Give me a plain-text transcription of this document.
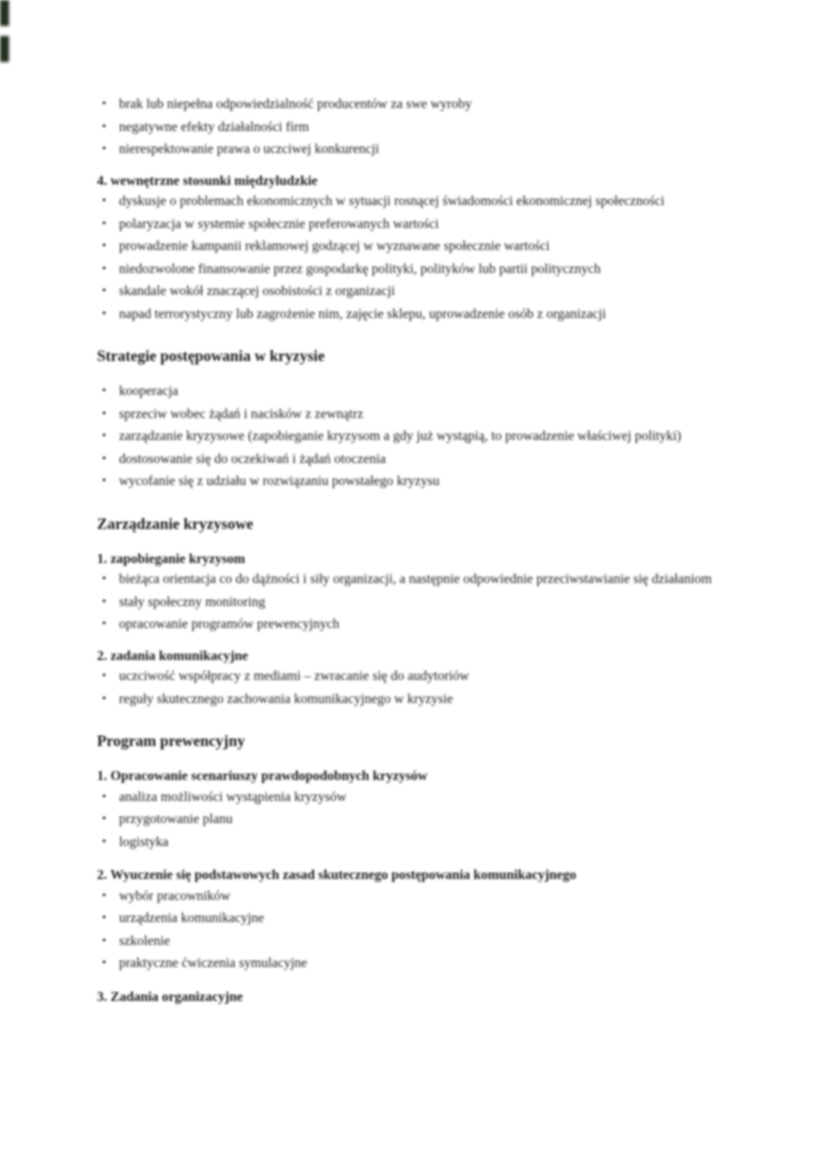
• brak lub niepełna odpowiedzialność producentów za swe wyroby
• negatywne efekty działalności firm
• nierespektowanie prawa o uczciwej konkurencji
4. wewnętrzne stosunki międzyludzkie
• dyskusje o problemach ekonomicznych w sytuacji rosnącej świadomości ekonomicznej społeczności
• polaryzacja w systemie społecznie preferowanych wartości
• prowadzenie kampanii reklamowej godzącej w wyznawane społecznie wartości
• niedozwolone finansowanie przez gospodarkę polityki, polityków lub partii politycznych
• skandale wokół znaczącej osobistości z organizacji
• napad terrorystyczny lub zagrożenie nim, zajęcie sklepu, uprowadzenie osób z organizacji
Strategie postępowania w kryzysie
• kooperacja
• sprzeciw wobec żądań i nacisków z zewnątrz
• zarządzanie kryzysowe (zapobieganie kryzysom a gdy już wystąpią, to prowadzenie właściwej polityki)
• dostosowanie się do oczekiwań i żądań otoczenia
• wycofanie się z udziału w rozwiązaniu powstałego kryzysu
Zarządzanie kryzysowe
1. zapobieganie kryzysom
• bieżąca orientacja co do dążności i siły organizacji, a następnie odpowiednie przeciwstawianie się działaniom
• stały społeczny monitoring
• opracowanie programów prewencyjnych
2. zadania komunikacyjne
• uczciwość współpracy z mediami – zwracanie się do audytoriów
• reguły skutecznego zachowania komunikacyjnego w kryzysie
Program prewencyjny
1. Opracowanie scenariuszy prawdopodobnych kryzysów
• analiza możliwości wystąpienia kryzysów
• przygotowanie planu
• logistyka
2. Wyuczenie się podstawowych zasad skutecznego postępowania komunikacyjnego
• wybór pracowników
• urządzenia komunikacyjne
• szkolenie
• praktyczne ćwiczenia symulacyjne
3. Zadania organizacyjne
